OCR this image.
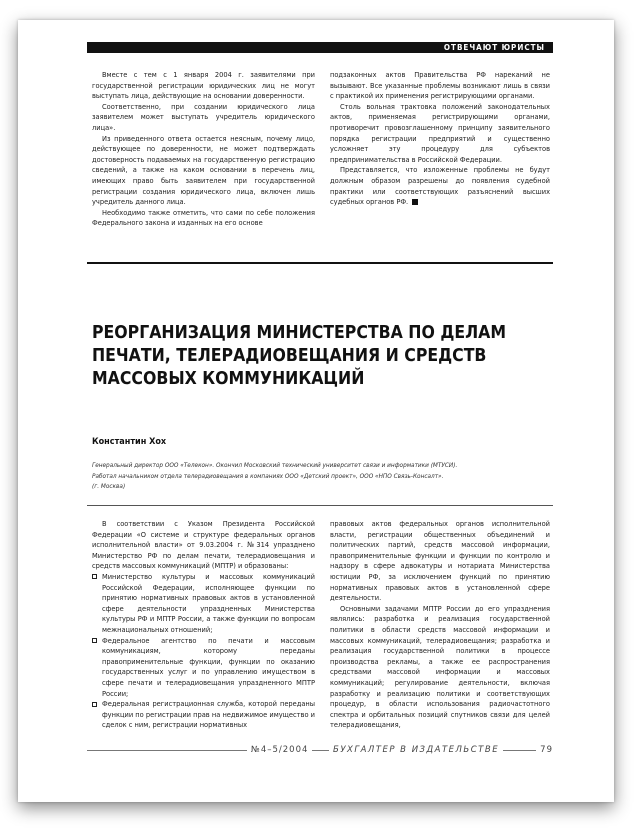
ОТВЕЧАЮТ ЮРИСТЫ

Вместе с тем с 1 января 2004 г. заявителями при государственной регистрации юридических лиц не могут выступать лица, действующие на основании доверенности.

Соответственно, при создании юридического лица заявителем может выступать учредитель юридического лица».

Из приведенного ответа остается неясным, почему лицо, действующее по доверенности, не может подтверждать достоверность подаваемых на государственную регистрацию сведений, а также на каком основании в перечень лиц, имеющих право быть заявителем при государственной регистрации создания юридического лица, включен лишь учредитель данного лица.

Необходимо также отметить, что сами по себе положения Федерального закона и изданных на его основе

подзаконных актов Правительства РФ нареканий не вызывают. Все указанные проблемы возникают лишь в связи с практикой их применения регистрирующими органами.

Столь вольная трактовка положений законодательных актов, применяемая регистрирующими органами, противоречит провозглашенному принципу заявительного порядка регистрации предприятий и существенно усложняет эту процедуру для субъектов предпринимательства в Российской Федерации.

Представляется, что изложенные проблемы не будут должным образом разрешены до появления судебной практики или соответствующих разъяснений высших судебных органов РФ.

РЕОРГАНИЗАЦИЯ МИНИСТЕРСТВА ПО ДЕЛАМ
ПЕЧАТИ, ТЕЛЕРАДИОВЕЩАНИЯ И СРЕДСТВ
МАССОВЫХ КОММУНИКАЦИЙ
Константин Хох
Генеральный директор ООО «Телекон». Окончил Московский технический университет связи и информатики (МТУСИ).
Работал начальником отдела телерадиовещания в компаниях ООО «Детский проект», ООО «НПО Связь-Консалт».
(г. Москва)

В соответствии с Указом Президента Российской Федерации «О системе и структуре федеральных органов исполнительной власти» от 9.03.2004 г. №314 упразднено Министерство РФ по делам печати, телерадиовещания и средств массовых коммуникаций (МПТР) и образованы:

Министерство культуры и массовых коммуникаций Российской Федерации, исполняющее функции по принятию нормативных правовых актов в установленной сфере деятельности упраздненных Министерства культуры РФ и МПТР России, а также функции по вопросам межнациональных отношений;
Федеральное агентство по печати и массовым коммуникациям, которому переданы правоприменительные функции, функции по оказанию государственных услуг и по управлению имуществом в сфере печати и телерадиовещания упраздненного МПТР России;
Федеральная регистрационная служба, которой переданы функции по регистрации прав на недвижимое имущество и сделок с ним, регистрации нормативных

правовых актов федеральных органов исполнительной власти, регистрации общественных объединений и политических партий, средств массовой информации, правоприменительные функции и функции по контролю и надзору в сфере адвокатуры и нотариата Министерства юстиции РФ, за исключением функций по принятию нормативных правовых актов в установленной сфере деятельности.

Основными задачами МПТР России до его упразднения являлись: разработка и реализация государственной политики в области средств массовой информации и массовых коммуникаций, телерадиовещания; разработка и реализация государственной политики в процессе производства рекламы, а также ее распространения средствами массовой информации и массовых коммуникаций; регулирование деятельности, включая разработку и реализацию политики и соответствующих процедур, в области использования радиочастотного спектра и орбитальных позиций спутников связи для целей телерадиовещания,

№4–5/2004	БУХГАЛТЕР В ИЗДАТЕЛЬСТВЕ	79
